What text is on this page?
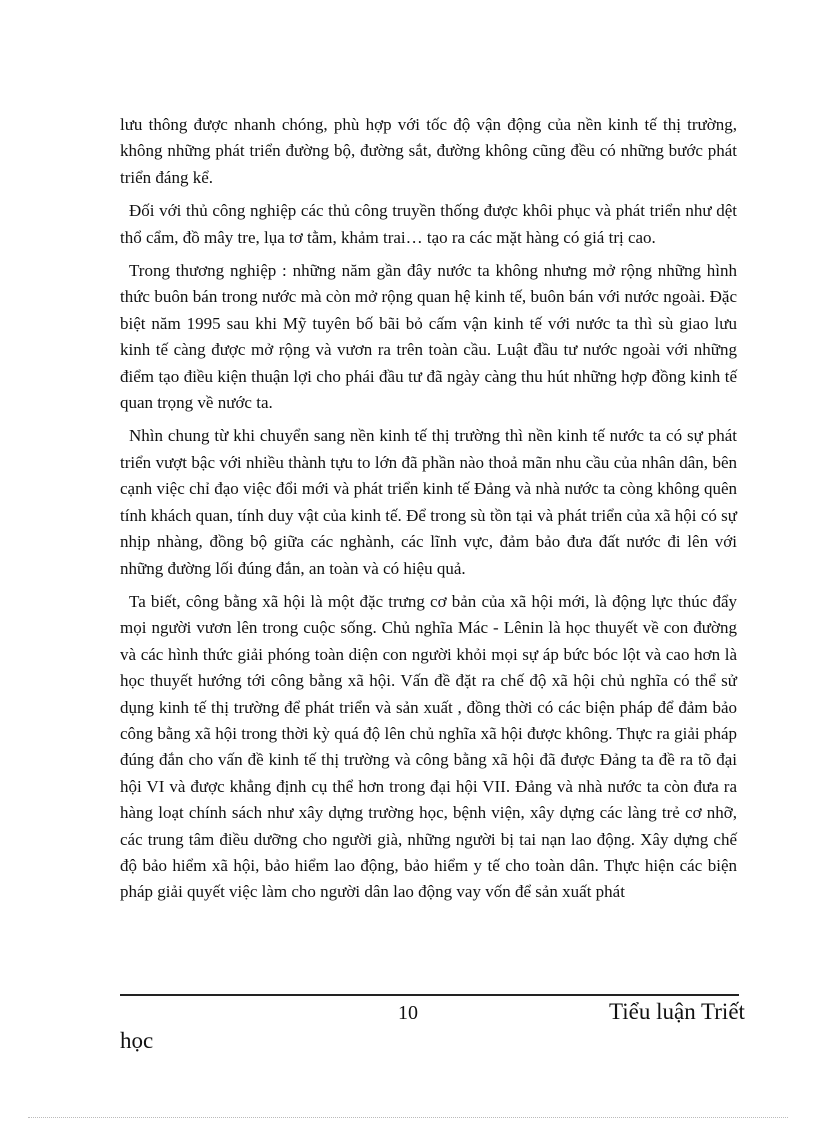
lưu thông được nhanh chóng, phù hợp với tốc độ vận động của nền kinh tế thị trường, không những phát triển đường bộ, đường sắt, đường không cũng đều có những bước phát triển đáng kể.

Đối với thủ công nghiệp các thủ công truyền thống được khôi phục và phát triển như dệt thổ cẩm, đồ mây tre, lụa tơ tằm, khảm trai… tạo ra các mặt hàng có giá trị cao.

Trong thương nghiệp : những năm gần đây nước ta không nhưng mở rộng những hình thức buôn bán trong nước mà còn mở rộng quan hệ kinh tế, buôn bán với nước ngoài. Đặc biệt năm 1995 sau khi Mỹ tuyên bố bãi bỏ cấm vận kinh tế với nước ta thì sù giao lưu kinh tế càng được mở rộng và vươn ra trên toàn cầu. Luật đầu tư nước ngoài với những điểm tạo điều kiện thuận lợi cho phái đầu tư đã ngày càng thu hút những hợp đồng kinh tế quan trọng về nước ta.

Nhìn chung từ khi chuyển sang nền kinh tế thị trường thì nền kinh tế nước ta có sự phát triển vượt bậc với nhiều thành tựu to lớn đã phần nào thoả mãn nhu cầu của nhân dân, bên cạnh việc chỉ đạo việc đổi mới và phát triển kinh tế Đảng và nhà nước ta còng không quên tính khách quan, tính duy vật của kinh tế. Để trong sù tồn tại và phát triển của xã hội có sự nhịp nhàng, đồng bộ giữa các nghành, các lĩnh vực, đảm bảo đưa đất nước đi lên với những đường lối đúng đắn, an toàn và có hiệu quả.

Ta biết, công bằng xã hội là một đặc trưng cơ bản của xã hội mới, là động lực thúc đẩy mọi người vươn lên trong cuộc sống. Chủ nghĩa Mác - Lênin là học thuyết về con đường và các hình thức giải phóng toàn diện con người khỏi mọi sự áp bức bóc lột và cao hơn là học thuyết hướng tới công bằng xã hội. Vấn đề đặt ra chế độ xã hội chủ nghĩa có thể sử dụng kinh tế thị trường để phát triển và sản xuất , đồng thời có các biện pháp để đảm bảo công bằng xã hội trong thời kỳ quá độ lên chủ nghĩa xã hội được không. Thực ra giải pháp đúng đắn cho vấn đề kinh tế thị trường và công bằng xã hội đã được Đảng ta đề ra tõ đại hội VI và được khẳng định cụ thể hơn trong đại hội VII. Đảng và nhà nước ta còn đưa ra hàng loạt chính sách như xây dựng trường học, bệnh viện, xây dựng các làng trẻ cơ nhỡ, các trung tâm điều dưỡng cho người già, những người bị tai nạn lao động. Xây dựng chế độ bảo hiểm xã hội, bảo hiểm lao động, bảo hiểm y tế cho toàn dân. Thực hiện các biện pháp giải quyết việc làm cho người dân lao động vay vốn để sản xuất phát

10	Tiểu luận Triết
học
